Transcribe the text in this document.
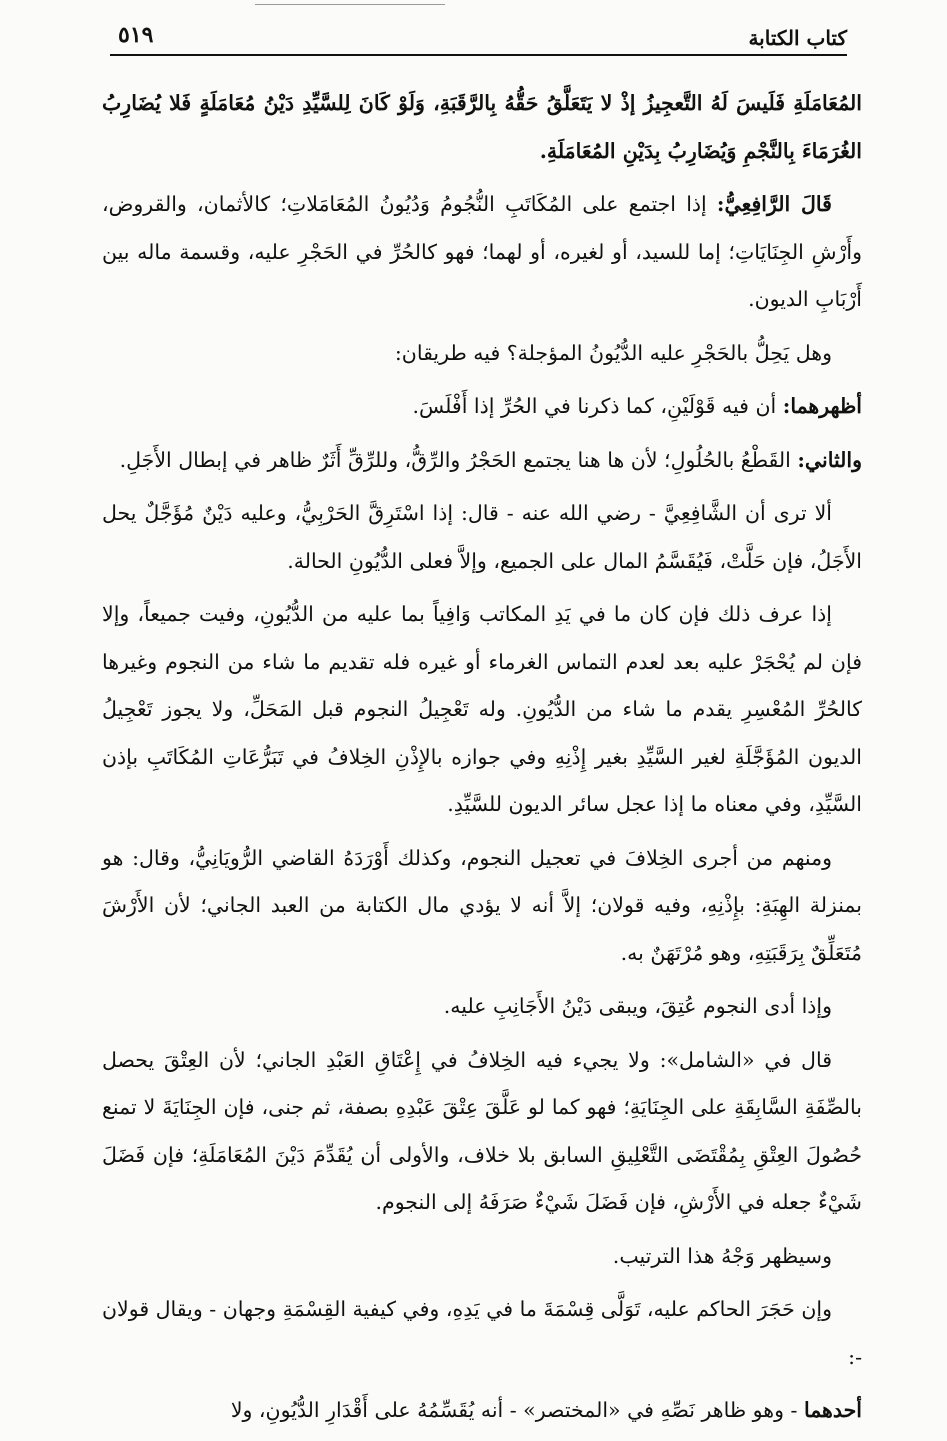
كتاب الكتابة
٥١٩

المُعَامَلَةِ فَلَيسَ لَهُ التَّعجِيزُ إذْ لا يَتَعَلَّقُ حَقُّهُ بِالرَّقَبَةِ، وَلَوْ كَانَ لِلسَّيِّدِ دَيْنُ مُعَامَلَةٍ فَلا يُضَارِبُ الغُرَمَاءَ بِالنَّجْمِ وَيُضَارِبُ بِدَيْنِ المُعَامَلَةِ.

قَالَ الرَّافِعِيُّ: إذا اجتمع على المُكَاتَبِ النُّجُومُ وَدُيُونُ المُعَامَلاتِ؛ كالأثمان، والقروض، وأَرْشِ الجِنَايَاتِ؛ إما للسيد، أو لغيره، أو لهما؛ فهو كالحُرِّ في الحَجْرِ عليه، وقسمة ماله بين أَرْبَابِ الديون.

وهل يَحِلُّ بالحَجْرِ عليه الدُّيُونُ المؤجلة؟ فيه طريقان:

أظهرهما: أن فيه قَوْلَيْنِ، كما ذكرنا في الحُرِّ إذا أَفْلَسَ.

والثاني: القَطْعُ بالحُلُولِ؛ لأن ها هنا يجتمع الحَجْرُ والرِّقُّ، وللرِّقِّ أَثَرٌ ظاهر في إبطال الأَجَلِ.

ألا ترى أن الشَّافِعِيَّ - رضي الله عنه - قال: إذا اسْتَرِقَّ الحَرْبِيُّ، وعليه دَيْنٌ مُؤَجَّلٌ يحل الأَجَلُ، فإن حَلَّتْ، فَيُقَسَّمُ المال على الجميع، وإلاَّ فعلى الدُّيُونِ الحالة.

إذا عرف ذلك فإن كان ما في يَدِ المكاتب وَافِياً بما عليه من الدُّيُونِ، وفيت جميعاً، وإلا فإن لم يُحْجَرْ عليه بعد لعدم التماس الغرماء أو غيره فله تقديم ما شاء من النجوم وغيرها كالحُرِّ المُعْسِرِ يقدم ما شاء من الدُّيُونِ. وله تَعْجِيلُ النجوم قبل المَحَلِّ، ولا يجوز تَعْجِيلُ الديون المُؤَجَّلَةِ لغير السَّيِّدِ بغير إِذْنِهِ وفي جوازه بالإِذْنِ الخِلافُ في تَبَرُّعَاتِ المُكَاتَبِ بإذن السَّيِّدِ، وفي معناه ما إذا عجل سائر الديون للسَّيِّدِ.

ومنهم من أجرى الخِلافَ في تعجيل النجوم، وكذلك أَوْرَدَهُ القاضي الرُّويَانِيُّ، وقال: هو بمنزلة الهِبَةِ: بإِذْنِهِ، وفيه قولان؛ إلاَّ أنه لا يؤدي مال الكتابة من العبد الجاني؛ لأن الأَرْشَ مُتَعَلِّقٌ بِرَقَبَتِهِ، وهو مُرْتَهَنٌ به.

وإذا أدى النجوم عُتِقَ، ويبقى دَيْنُ الأَجَانِبِ عليه.

قال في «الشامل»: ولا يجيء فيه الخِلافُ في إِعْتَاقِ العَبْدِ الجاني؛ لأن العِتْقَ يحصل بالصِّفَةِ السَّابِقَةِ على الجِنَايَةِ؛ فهو كما لو عَلَّقَ عِتْقَ عَبْدِهِ بصفة، ثم جنى، فإن الجِنَايَةَ لا تمنع حُصُولَ العِتْقِ بِمُقْتَضَى التَّعْلِيقِ السابق بلا خلاف، والأولى أن يُقَدِّمَ دَيْنَ المُعَامَلَةِ؛ فإن فَضَلَ شَيْءٌ جعله في الأَرْشِ، فإن فَضَلَ شَيْءٌ صَرَفَهُ إلى النجوم.

وسيظهر وَجْهُ هذا الترتيب.

وإن حَجَرَ الحاكم عليه، تَوَلَّى قِسْمَةَ ما في يَدِهِ، وفي كيفية القِسْمَةِ وجهان - ويقال قولان -:

أحدهما - وهو ظاهر نَصِّهِ في «المختصر» - أنه يُقَسِّمُهُ على أَقْدَارِ الدُّيُونِ، ولا
